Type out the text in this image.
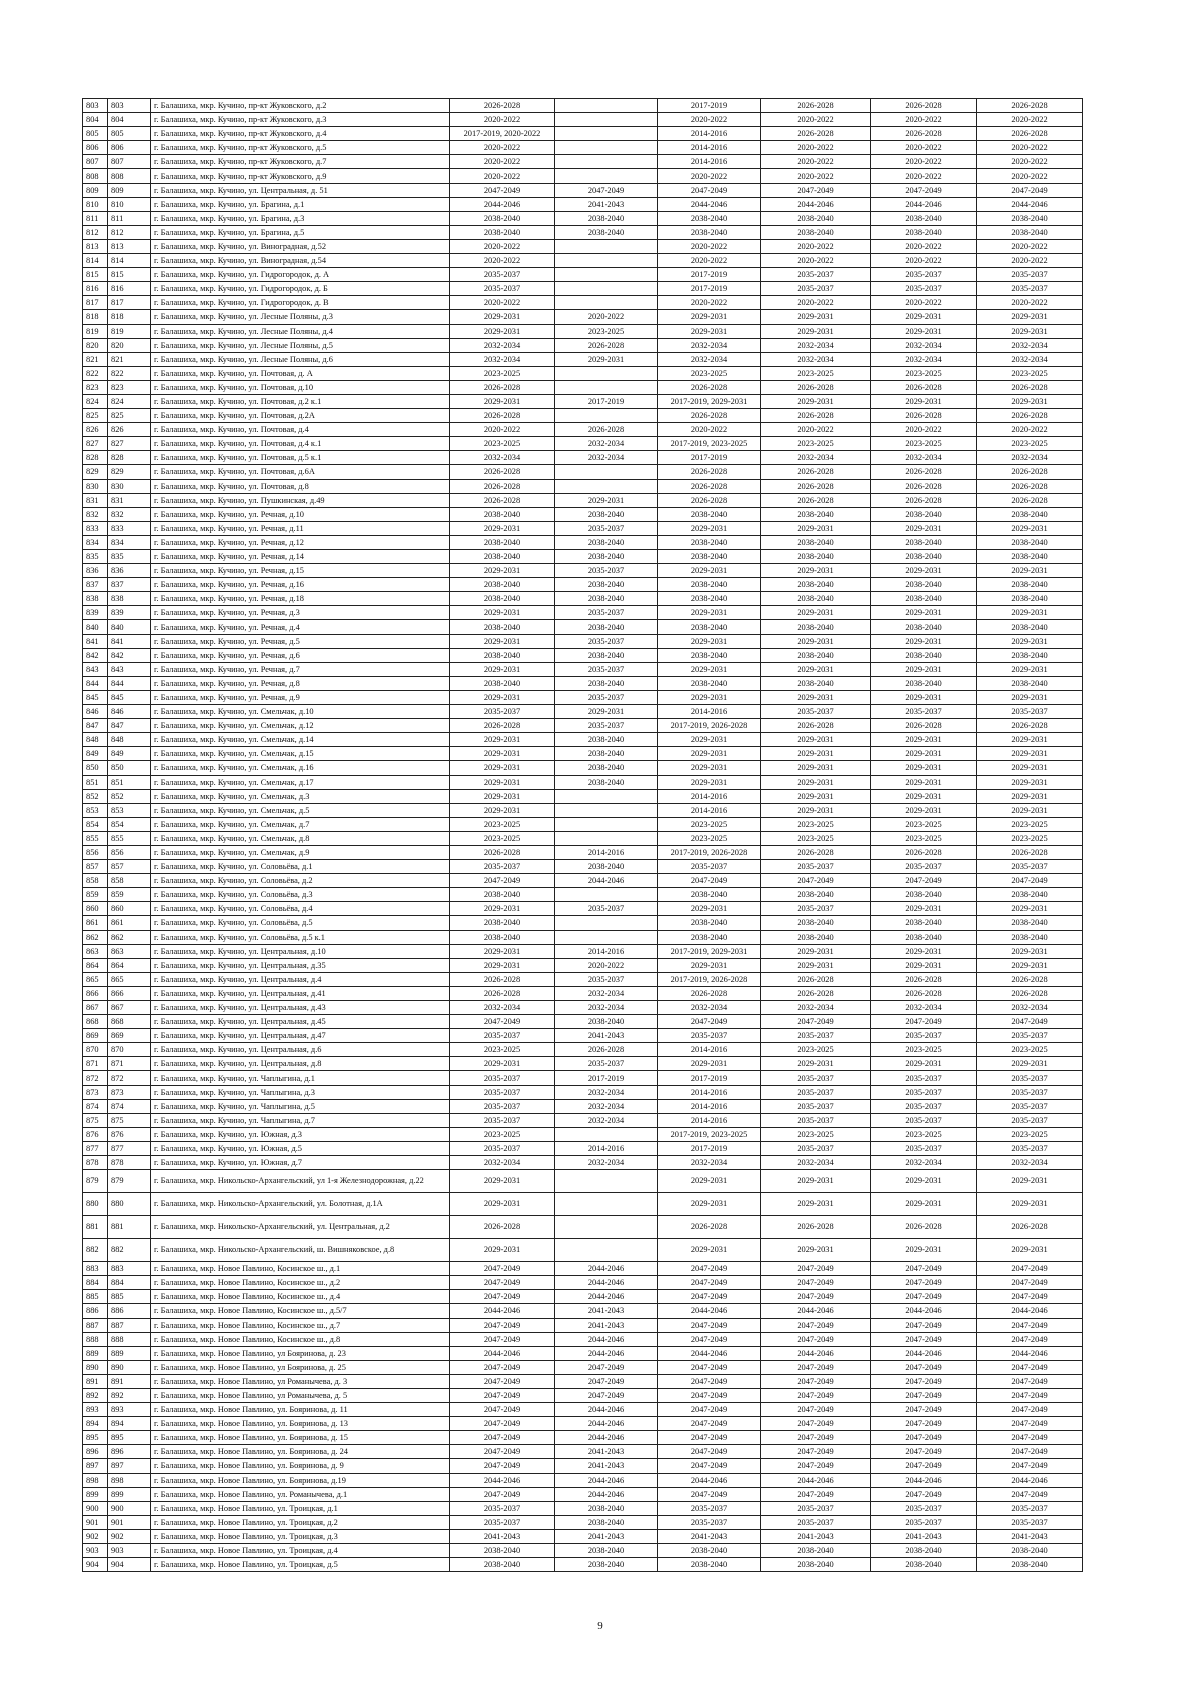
803	803	г. Балашиха, мкр. Кучино, пр-кт Жуковского, д.2	2026-2028		2017-2019	2026-2028	2026-2028	2026-2028
804	804	г. Балашиха, мкр. Кучино, пр-кт Жуковского, д.3	2020-2022		2020-2022	2020-2022	2020-2022	2020-2022
805	805	г. Балашиха, мкр. Кучино, пр-кт Жуковского, д.4	2017-2019, 2020-2022		2014-2016	2026-2028	2026-2028	2026-2028
806	806	г. Балашиха, мкр. Кучино, пр-кт Жуковского, д.5	2020-2022		2014-2016	2020-2022	2020-2022	2020-2022
807	807	г. Балашиха, мкр. Кучино, пр-кт Жуковского, д.7	2020-2022		2014-2016	2020-2022	2020-2022	2020-2022
808	808	г. Балашиха, мкр. Кучино, пр-кт Жуковского, д.9	2020-2022		2020-2022	2020-2022	2020-2022	2020-2022
809	809	г. Балашиха, мкр. Кучино, ул. Центральная, д. 51	2047-2049	2047-2049	2047-2049	2047-2049	2047-2049	2047-2049
810	810	г. Балашиха, мкр. Кучино, ул. Брагина, д.1	2044-2046	2041-2043	2044-2046	2044-2046	2044-2046	2044-2046
811	811	г. Балашиха, мкр. Кучино, ул. Брагина, д.3	2038-2040	2038-2040	2038-2040	2038-2040	2038-2040	2038-2040
812	812	г. Балашиха, мкр. Кучино, ул. Брагина, д.5	2038-2040	2038-2040	2038-2040	2038-2040	2038-2040	2038-2040
813	813	г. Балашиха, мкр. Кучино, ул. Виноградная, д.52	2020-2022		2020-2022	2020-2022	2020-2022	2020-2022
814	814	г. Балашиха, мкр. Кучино, ул. Виноградная, д.54	2020-2022		2020-2022	2020-2022	2020-2022	2020-2022
815	815	г. Балашиха, мкр. Кучино, ул. Гидрогородок, д. А	2035-2037		2017-2019	2035-2037	2035-2037	2035-2037
816	816	г. Балашиха, мкр. Кучино, ул. Гидрогородок, д. Б	2035-2037		2017-2019	2035-2037	2035-2037	2035-2037
817	817	г. Балашиха, мкр. Кучино, ул. Гидрогородок, д. В	2020-2022		2020-2022	2020-2022	2020-2022	2020-2022
818	818	г. Балашиха, мкр. Кучино, ул. Лесные Поляны, д.3	2029-2031	2020-2022	2029-2031	2029-2031	2029-2031	2029-2031
819	819	г. Балашиха, мкр. Кучино, ул. Лесные Поляны, д.4	2029-2031	2023-2025	2029-2031	2029-2031	2029-2031	2029-2031
820	820	г. Балашиха, мкр. Кучино, ул. Лесные Поляны, д.5	2032-2034	2026-2028	2032-2034	2032-2034	2032-2034	2032-2034
821	821	г. Балашиха, мкр. Кучино, ул. Лесные Поляны, д.6	2032-2034	2029-2031	2032-2034	2032-2034	2032-2034	2032-2034
822	822	г. Балашиха, мкр. Кучино, ул. Почтовая, д. А	2023-2025		2023-2025	2023-2025	2023-2025	2023-2025
823	823	г. Балашиха, мкр. Кучино, ул. Почтовая, д.10	2026-2028		2026-2028	2026-2028	2026-2028	2026-2028
824	824	г. Балашиха, мкр. Кучино, ул. Почтовая, д.2 к.1	2029-2031	2017-2019	2017-2019, 2029-2031	2029-2031	2029-2031	2029-2031
825	825	г. Балашиха, мкр. Кучино, ул. Почтовая, д.2А	2026-2028		2026-2028	2026-2028	2026-2028	2026-2028
826	826	г. Балашиха, мкр. Кучино, ул. Почтовая, д.4	2020-2022	2026-2028	2020-2022	2020-2022	2020-2022	2020-2022
827	827	г. Балашиха, мкр. Кучино, ул. Почтовая, д.4 к.1	2023-2025	2032-2034	2017-2019, 2023-2025	2023-2025	2023-2025	2023-2025
828	828	г. Балашиха, мкр. Кучино, ул. Почтовая, д.5 к.1	2032-2034	2032-2034	2017-2019	2032-2034	2032-2034	2032-2034
829	829	г. Балашиха, мкр. Кучино, ул. Почтовая, д.6А	2026-2028		2026-2028	2026-2028	2026-2028	2026-2028
830	830	г. Балашиха, мкр. Кучино, ул. Почтовая, д.8	2026-2028		2026-2028	2026-2028	2026-2028	2026-2028
831	831	г. Балашиха, мкр. Кучино, ул. Пушкинская, д.49	2026-2028	2029-2031	2026-2028	2026-2028	2026-2028	2026-2028
832	832	г. Балашиха, мкр. Кучино, ул. Речная, д.10	2038-2040	2038-2040	2038-2040	2038-2040	2038-2040	2038-2040
833	833	г. Балашиха, мкр. Кучино, ул. Речная, д.11	2029-2031	2035-2037	2029-2031	2029-2031	2029-2031	2029-2031
834	834	г. Балашиха, мкр. Кучино, ул. Речная, д.12	2038-2040	2038-2040	2038-2040	2038-2040	2038-2040	2038-2040
835	835	г. Балашиха, мкр. Кучино, ул. Речная, д.14	2038-2040	2038-2040	2038-2040	2038-2040	2038-2040	2038-2040
836	836	г. Балашиха, мкр. Кучино, ул. Речная, д.15	2029-2031	2035-2037	2029-2031	2029-2031	2029-2031	2029-2031
837	837	г. Балашиха, мкр. Кучино, ул. Речная, д.16	2038-2040	2038-2040	2038-2040	2038-2040	2038-2040	2038-2040
838	838	г. Балашиха, мкр. Кучино, ул. Речная, д.18	2038-2040	2038-2040	2038-2040	2038-2040	2038-2040	2038-2040
839	839	г. Балашиха, мкр. Кучино, ул. Речная, д.3	2029-2031	2035-2037	2029-2031	2029-2031	2029-2031	2029-2031
840	840	г. Балашиха, мкр. Кучино, ул. Речная, д.4	2038-2040	2038-2040	2038-2040	2038-2040	2038-2040	2038-2040
841	841	г. Балашиха, мкр. Кучино, ул. Речная, д.5	2029-2031	2035-2037	2029-2031	2029-2031	2029-2031	2029-2031
842	842	г. Балашиха, мкр. Кучино, ул. Речная, д.6	2038-2040	2038-2040	2038-2040	2038-2040	2038-2040	2038-2040
843	843	г. Балашиха, мкр. Кучино, ул. Речная, д.7	2029-2031	2035-2037	2029-2031	2029-2031	2029-2031	2029-2031
844	844	г. Балашиха, мкр. Кучино, ул. Речная, д.8	2038-2040	2038-2040	2038-2040	2038-2040	2038-2040	2038-2040
845	845	г. Балашиха, мкр. Кучино, ул. Речная, д.9	2029-2031	2035-2037	2029-2031	2029-2031	2029-2031	2029-2031
846	846	г. Балашиха, мкр. Кучино, ул. Смельчак, д.10	2035-2037	2029-2031	2014-2016	2035-2037	2035-2037	2035-2037
847	847	г. Балашиха, мкр. Кучино, ул. Смельчак, д.12	2026-2028	2035-2037	2017-2019, 2026-2028	2026-2028	2026-2028	2026-2028
848	848	г. Балашиха, мкр. Кучино, ул. Смельчак, д.14	2029-2031	2038-2040	2029-2031	2029-2031	2029-2031	2029-2031
849	849	г. Балашиха, мкр. Кучино, ул. Смельчак, д.15	2029-2031	2038-2040	2029-2031	2029-2031	2029-2031	2029-2031
850	850	г. Балашиха, мкр. Кучино, ул. Смельчак, д.16	2029-2031	2038-2040	2029-2031	2029-2031	2029-2031	2029-2031
851	851	г. Балашиха, мкр. Кучино, ул. Смельчак, д.17	2029-2031	2038-2040	2029-2031	2029-2031	2029-2031	2029-2031
852	852	г. Балашиха, мкр. Кучино, ул. Смельчак, д.3	2029-2031		2014-2016	2029-2031	2029-2031	2029-2031
853	853	г. Балашиха, мкр. Кучино, ул. Смельчак, д.5	2029-2031		2014-2016	2029-2031	2029-2031	2029-2031
854	854	г. Балашиха, мкр. Кучино, ул. Смельчак, д.7	2023-2025		2023-2025	2023-2025	2023-2025	2023-2025
855	855	г. Балашиха, мкр. Кучино, ул. Смельчак, д.8	2023-2025		2023-2025	2023-2025	2023-2025	2023-2025
856	856	г. Балашиха, мкр. Кучино, ул. Смельчак, д.9	2026-2028	2014-2016	2017-2019, 2026-2028	2026-2028	2026-2028	2026-2028
857	857	г. Балашиха, мкр. Кучино, ул. Соловьёва, д.1	2035-2037	2038-2040	2035-2037	2035-2037	2035-2037	2035-2037
858	858	г. Балашиха, мкр. Кучино, ул. Соловьёва, д.2	2047-2049	2044-2046	2047-2049	2047-2049	2047-2049	2047-2049
859	859	г. Балашиха, мкр. Кучино, ул. Соловьёва, д.3	2038-2040		2038-2040	2038-2040	2038-2040	2038-2040
860	860	г. Балашиха, мкр. Кучино, ул. Соловьёва, д.4	2029-2031	2035-2037	2029-2031	2035-2037	2029-2031	2029-2031
861	861	г. Балашиха, мкр. Кучино, ул. Соловьёва, д.5	2038-2040		2038-2040	2038-2040	2038-2040	2038-2040
862	862	г. Балашиха, мкр. Кучино, ул. Соловьёва, д.5 к.1	2038-2040		2038-2040	2038-2040	2038-2040	2038-2040
863	863	г. Балашиха, мкр. Кучино, ул. Центральная, д.10	2029-2031	2014-2016	2017-2019, 2029-2031	2029-2031	2029-2031	2029-2031
864	864	г. Балашиха, мкр. Кучино, ул. Центральная, д.35	2029-2031	2020-2022	2029-2031	2029-2031	2029-2031	2029-2031
865	865	г. Балашиха, мкр. Кучино, ул. Центральная, д.4	2026-2028	2035-2037	2017-2019, 2026-2028	2026-2028	2026-2028	2026-2028
866	866	г. Балашиха, мкр. Кучино, ул. Центральная, д.41	2026-2028	2032-2034	2026-2028	2026-2028	2026-2028	2026-2028
867	867	г. Балашиха, мкр. Кучино, ул. Центральная, д.43	2032-2034	2032-2034	2032-2034	2032-2034	2032-2034	2032-2034
868	868	г. Балашиха, мкр. Кучино, ул. Центральная, д.45	2047-2049	2038-2040	2047-2049	2047-2049	2047-2049	2047-2049
869	869	г. Балашиха, мкр. Кучино, ул. Центральная, д.47	2035-2037	2041-2043	2035-2037	2035-2037	2035-2037	2035-2037
870	870	г. Балашиха, мкр. Кучино, ул. Центральная, д.6	2023-2025	2026-2028	2014-2016	2023-2025	2023-2025	2023-2025
871	871	г. Балашиха, мкр. Кучино, ул. Центральная, д.8	2029-2031	2035-2037	2029-2031	2029-2031	2029-2031	2029-2031
872	872	г. Балашиха, мкр. Кучино, ул. Чаплыгина, д.1	2035-2037	2017-2019	2017-2019	2035-2037	2035-2037	2035-2037
873	873	г. Балашиха, мкр. Кучино, ул. Чаплыгина, д.3	2035-2037	2032-2034	2014-2016	2035-2037	2035-2037	2035-2037
874	874	г. Балашиха, мкр. Кучино, ул. Чаплыгина, д.5	2035-2037	2032-2034	2014-2016	2035-2037	2035-2037	2035-2037
875	875	г. Балашиха, мкр. Кучино, ул. Чаплыгина, д.7	2035-2037	2032-2034	2014-2016	2035-2037	2035-2037	2035-2037
876	876	г. Балашиха, мкр. Кучино, ул. Южная, д.3	2023-2025		2017-2019, 2023-2025	2023-2025	2023-2025	2023-2025
877	877	г. Балашиха, мкр. Кучино, ул. Южная, д.5	2035-2037	2014-2016	2017-2019	2035-2037	2035-2037	2035-2037
878	878	г. Балашиха, мкр. Кучино, ул. Южная, д.7	2032-2034	2032-2034	2032-2034	2032-2034	2032-2034	2032-2034
879	879	г. Балашиха, мкр. Никольско-Архангельский, ул 1-я Железнодорожная, д.22	2029-2031		2029-2031	2029-2031	2029-2031	2029-2031
880	880	г. Балашиха, мкр. Никольско-Архангельский, ул. Болотная, д.1А	2029-2031		2029-2031	2029-2031	2029-2031	2029-2031
881	881	г. Балашиха, мкр. Никольско-Архангельский, ул. Центральная, д.2	2026-2028		2026-2028	2026-2028	2026-2028	2026-2028
882	882	г. Балашиха, мкр. Никольско-Архангельский, ш. Вишняковское, д.8	2029-2031		2029-2031	2029-2031	2029-2031	2029-2031
883	883	г. Балашиха, мкр. Новое Павлино, Косинское ш., д.1	2047-2049	2044-2046	2047-2049	2047-2049	2047-2049	2047-2049
884	884	г. Балашиха, мкр. Новое Павлино, Косинское ш., д.2	2047-2049	2044-2046	2047-2049	2047-2049	2047-2049	2047-2049
885	885	г. Балашиха, мкр. Новое Павлино, Косинское ш., д.4	2047-2049	2044-2046	2047-2049	2047-2049	2047-2049	2047-2049
886	886	г. Балашиха, мкр. Новое Павлино, Косинское ш., д.5/7	2044-2046	2041-2043	2044-2046	2044-2046	2044-2046	2044-2046
887	887	г. Балашиха, мкр. Новое Павлино, Косинское ш., д.7	2047-2049	2041-2043	2047-2049	2047-2049	2047-2049	2047-2049
888	888	г. Балашиха, мкр. Новое Павлино, Косинское ш., д.8	2047-2049	2044-2046	2047-2049	2047-2049	2047-2049	2047-2049
889	889	г. Балашиха, мкр. Новое Павлино, ул Бояринова, д. 23	2044-2046	2044-2046	2044-2046	2044-2046	2044-2046	2044-2046
890	890	г. Балашиха, мкр. Новое Павлино, ул Бояринова, д. 25	2047-2049	2047-2049	2047-2049	2047-2049	2047-2049	2047-2049
891	891	г. Балашиха, мкр. Новое Павлино, ул Романычева, д. 3	2047-2049	2047-2049	2047-2049	2047-2049	2047-2049	2047-2049
892	892	г. Балашиха, мкр. Новое Павлино, ул Романычева, д. 5	2047-2049	2047-2049	2047-2049	2047-2049	2047-2049	2047-2049
893	893	г. Балашиха, мкр. Новое Павлино, ул. Бояринова, д. 11	2047-2049	2044-2046	2047-2049	2047-2049	2047-2049	2047-2049
894	894	г. Балашиха, мкр. Новое Павлино, ул. Бояринова, д. 13	2047-2049	2044-2046	2047-2049	2047-2049	2047-2049	2047-2049
895	895	г. Балашиха, мкр. Новое Павлино, ул. Бояринова, д. 15	2047-2049	2044-2046	2047-2049	2047-2049	2047-2049	2047-2049
896	896	г. Балашиха, мкр. Новое Павлино, ул. Бояринова, д. 24	2047-2049	2041-2043	2047-2049	2047-2049	2047-2049	2047-2049
897	897	г. Балашиха, мкр. Новое Павлино, ул. Бояринова, д. 9	2047-2049	2041-2043	2047-2049	2047-2049	2047-2049	2047-2049
898	898	г. Балашиха, мкр. Новое Павлино, ул. Бояринова, д.19	2044-2046	2044-2046	2044-2046	2044-2046	2044-2046	2044-2046
899	899	г. Балашиха, мкр. Новое Павлино, ул. Романычева, д.1	2047-2049	2044-2046	2047-2049	2047-2049	2047-2049	2047-2049
900	900	г. Балашиха, мкр. Новое Павлино, ул. Троицкая, д.1	2035-2037	2038-2040	2035-2037	2035-2037	2035-2037	2035-2037
901	901	г. Балашиха, мкр. Новое Павлино, ул. Троицкая, д.2	2035-2037	2038-2040	2035-2037	2035-2037	2035-2037	2035-2037
902	902	г. Балашиха, мкр. Новое Павлино, ул. Троицкая, д.3	2041-2043	2041-2043	2041-2043	2041-2043	2041-2043	2041-2043
903	903	г. Балашиха, мкр. Новое Павлино, ул. Троицкая, д.4	2038-2040	2038-2040	2038-2040	2038-2040	2038-2040	2038-2040
904	904	г. Балашиха, мкр. Новое Павлино, ул. Троицкая, д.5	2038-2040	2038-2040	2038-2040	2038-2040	2038-2040	2038-2040
9
